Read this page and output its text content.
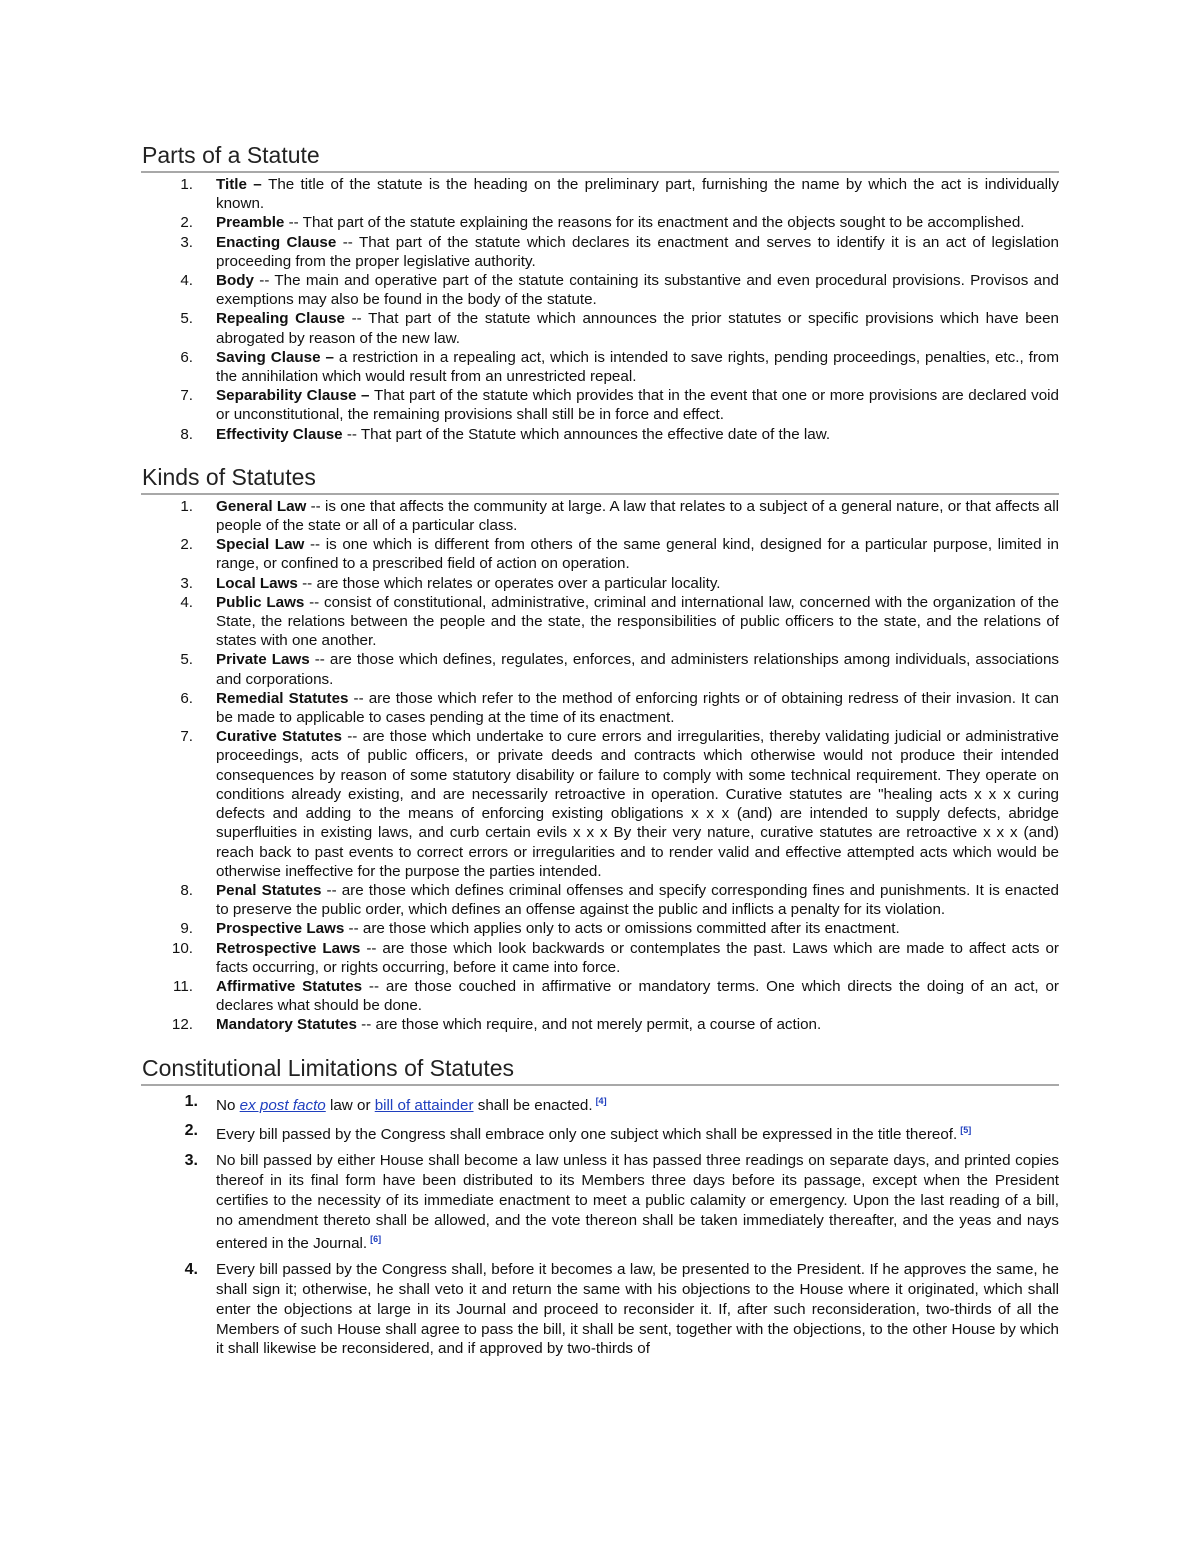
Parts of a Statute
1. Title – The title of the statute is the heading on the preliminary part, furnishing the name by which the act is individually known.
2. Preamble -- That part of the statute explaining the reasons for its enactment and the objects sought to be accomplished.
3. Enacting Clause -- That part of the statute which declares its enactment and serves to identify it is an act of legislation proceeding from the proper legislative authority.
4. Body -- The main and operative part of the statute containing its substantive and even procedural provisions. Provisos and exemptions may also be found in the body of the statute.
5. Repealing Clause -- That part of the statute which announces the prior statutes or specific provisions which have been abrogated by reason of the new law.
6. Saving Clause – a restriction in a repealing act, which is intended to save rights, pending proceedings, penalties, etc., from the annihilation which would result from an unrestricted repeal.
7. Separability Clause – That part of the statute which provides that in the event that one or more provisions are declared void or unconstitutional, the remaining provisions shall still be in force and effect.
8. Effectivity Clause -- That part of the Statute which announces the effective date of the law.
Kinds of Statutes
1. General Law -- is one that affects the community at large. A law that relates to a subject of a general nature, or that affects all people of the state or all of a particular class.
2. Special Law -- is one which is different from others of the same general kind, designed for a particular purpose, limited in range, or confined to a prescribed field of action on operation.
3. Local Laws -- are those which relates or operates over a particular locality.
4. Public Laws -- consist of constitutional, administrative, criminal and international law, concerned with the organization of the State, the relations between the people and the state, the responsibilities of public officers to the state, and the relations of states with one another.
5. Private Laws -- are those which defines, regulates, enforces, and administers relationships among individuals, associations and corporations.
6. Remedial Statutes -- are those which refer to the method of enforcing rights or of obtaining redress of their invasion. It can be made to applicable to cases pending at the time of its enactment.
7. Curative Statutes -- are those which undertake to cure errors and irregularities, thereby validating judicial or administrative proceedings, acts of public officers, or private deeds and contracts which otherwise would not produce their intended consequences by reason of some statutory disability or failure to comply with some technical requirement. They operate on conditions already existing, and are necessarily retroactive in operation. Curative statutes are "healing acts x x x curing defects and adding to the means of enforcing existing obligations x x x (and) are intended to supply defects, abridge superfluities in existing laws, and curb certain evils x x x By their very nature, curative statutes are retroactive x x x (and) reach back to past events to correct errors or irregularities and to render valid and effective attempted acts which would be otherwise ineffective for the purpose the parties intended.
8. Penal Statutes -- are those which defines criminal offenses and specify corresponding fines and punishments. It is enacted to preserve the public order, which defines an offense against the public and inflicts a penalty for its violation.
9. Prospective Laws -- are those which applies only to acts or omissions committed after its enactment.
10. Retrospective Laws -- are those which look backwards or contemplates the past. Laws which are made to affect acts or facts occurring, or rights occurring, before it came into force.
11. Affirmative Statutes -- are those couched in affirmative or mandatory terms. One which directs the doing of an act, or declares what should be done.
12. Mandatory Statutes -- are those which require, and not merely permit, a course of action.
Constitutional Limitations of Statutes
1. No ex post facto law or bill of attainder shall be enacted. [4]
2. Every bill passed by the Congress shall embrace only one subject which shall be expressed in the title thereof. [5]
3. No bill passed by either House shall become a law unless it has passed three readings on separate days, and printed copies thereof in its final form have been distributed to its Members three days before its passage, except when the President certifies to the necessity of its immediate enactment to meet a public calamity or emergency. Upon the last reading of a bill, no amendment thereto shall be allowed, and the vote thereon shall be taken immediately thereafter, and the yeas and nays entered in the Journal. [6]
4. Every bill passed by the Congress shall, before it becomes a law, be presented to the President. If he approves the same, he shall sign it; otherwise, he shall veto it and return the same with his objections to the House where it originated, which shall enter the objections at large in its Journal and proceed to reconsider it. If, after such reconsideration, two-thirds of all the Members of such House shall agree to pass the bill, it shall be sent, together with the objections, to the other House by which it shall likewise be reconsidered, and if approved by two-thirds of
